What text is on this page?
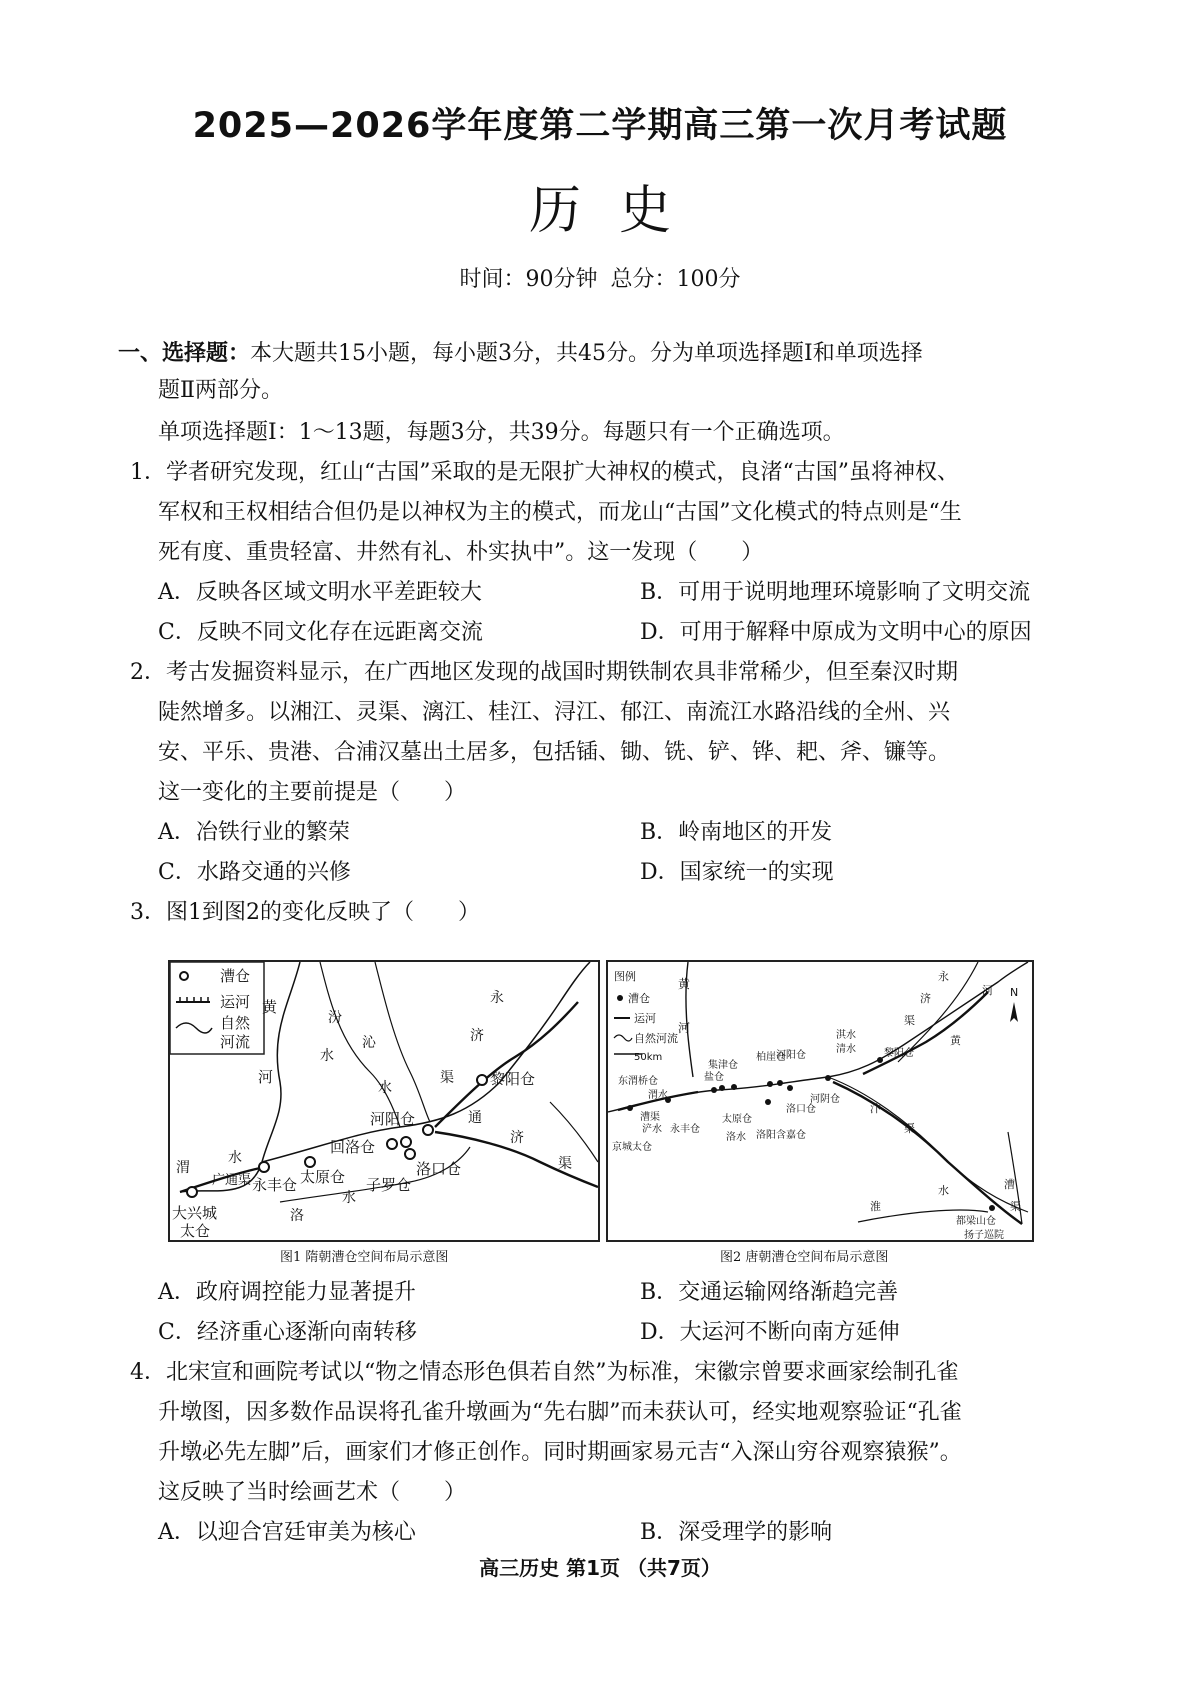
2025—2026学年度第二学期高三第一次月考试题
历史
时间：90分钟 总分：100分
一、选择题：本大题共15小题，每小题3分，共45分。分为单项选择题Ⅰ和单项选择
题Ⅱ两部分。
单项选择题Ⅰ：1～13题，每题3分，共39分。每题只有一个正确选项。
1．学者研究发现，红山“古国”采取的是无限扩大神权的模式，良渚“古国”虽将神权、
军权和王权相结合但仍是以神权为主的模式，而龙山“古国”文化模式的特点则是“生
死有度、重贵轻富、井然有礼、朴实执中”。这一发现（　　）
A．反映各区域文明水平差距较大	B．可用于说明地理环境影响了文明交流
C．反映不同文化存在远距离交流	D．可用于解释中原成为文明中心的原因
2．考古发掘资料显示，在广西地区发现的战国时期铁制农具非常稀少，但至秦汉时期
陡然增多。以湘江、灵渠、漓江、桂江、浔江、郁江、南流江水路沿线的全州、兴
安、平乐、贵港、合浦汉墓出土居多，包括锸、锄、铣、铲、铧、耙、斧、镰等。
这一变化的主要前提是（　　）
A．冶铁行业的繁荣	B．岭南地区的开发
C．水路交通的兴修	D．国家统一的实现
3．图1到图2的变化反映了（　　）
漕仓
运河
自然
河流
黄
河
汾
水
沁
水
永
济
渠 黎阳仓
河阳仓	通
济
渠
回洛仓
洛口仓
子罗仓
太原仓
永丰仓
渭
水
广通渠
大兴城
太仓
洛
水
图1 隋朝漕仓空间布局示意图
图例
漕仓
运河
自然河流
50km
N
黄
河
永
济
渠
河
黄
东渭桥仓
渭水
漕渠
浐水
京城太仓
永丰仓
集津仓
盐仓
太原仓
洛水
柏崖仓
河阳仓
洛口仓
洛阳含嘉仓
河阴仓
淇水
清水	黎阳仓
汴
渠
淮
水
都梁山仓
漕
渠
扬子巡院
图2 唐朝漕仓空间布局示意图
A．政府调控能力显著提升	B．交通运输网络渐趋完善
C．经济重心逐渐向南转移	D．大运河不断向南方延伸
4．北宋宣和画院考试以“物之情态形色俱若自然”为标准，宋徽宗曾要求画家绘制孔雀
升墩图，因多数作品误将孔雀升墩画为“先右脚”而未获认可，经实地观察验证“孔雀
升墩必先左脚”后，画家们才修正创作。同时期画家易元吉“入深山穷谷观察猿猴”。
这反映了当时绘画艺术（　　）
A．以迎合宫廷审美为核心	B．深受理学的影响
高三历史 第1页 （共7页）
